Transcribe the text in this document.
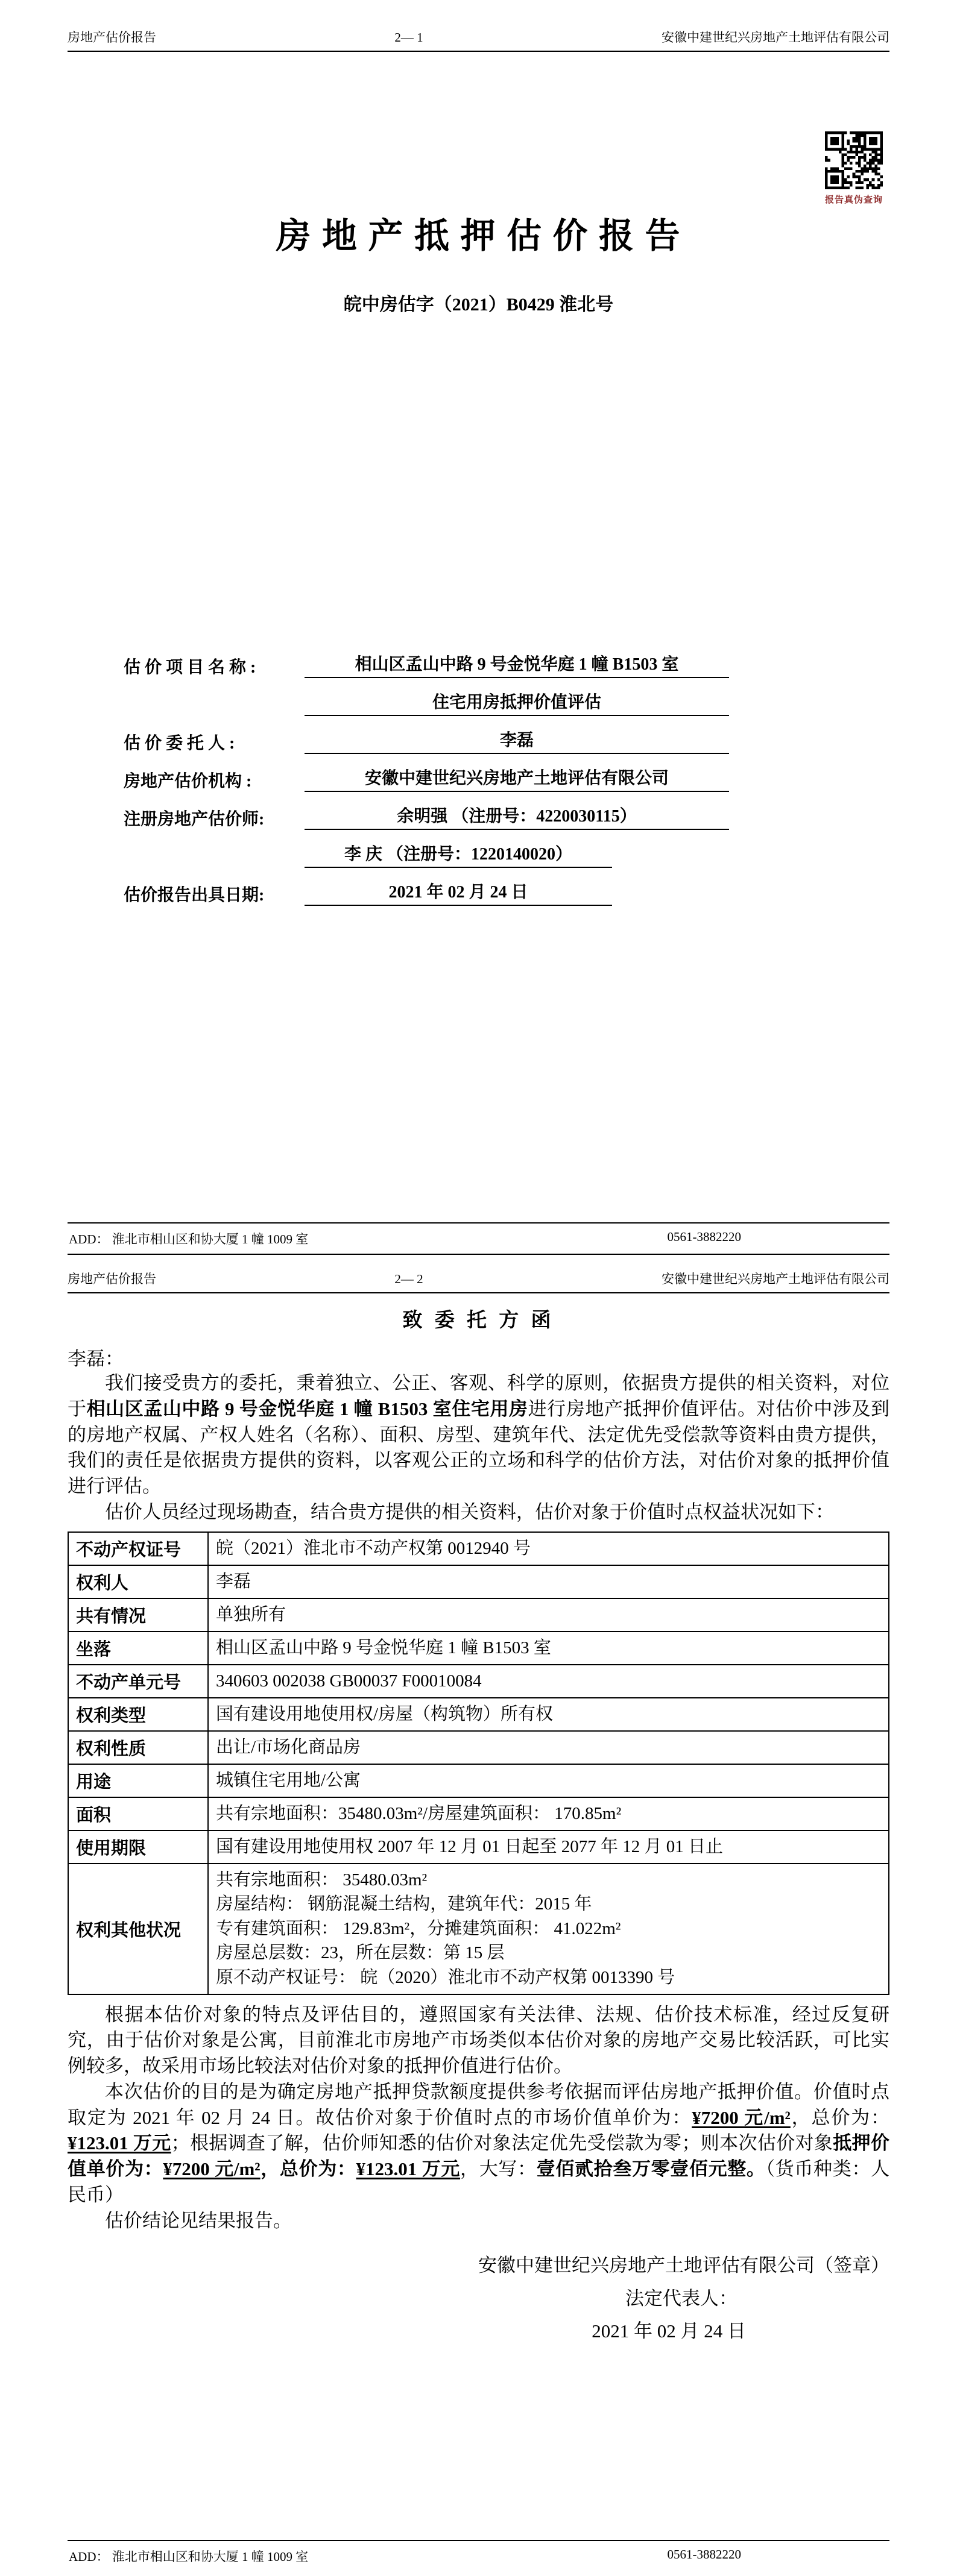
房地产估价报告	2— 1	安徽中建世纪兴房地产土地评估有限公司
报告真伪查询
房 地 产 抵 押 估 价 报 告
皖中房估字（2021）B0429 淮北号
估 价 项 目 名 称 :	相山区孟山中路 9 号金悦华庭 1 幢 B1503 室
住宅用房抵押价值评估
估 价 委 托 人 :	李磊
房地产估价机构 :	安徽中建世纪兴房地产土地评估有限公司
注册房地产估价师:	余明强 （注册号：4220030115）
李 庆 （注册号：1220140020）
估价报告出具日期:	2021 年 02 月 24 日
ADD： 淮北市相山区和协大厦 1 幢 1009 室	0561-3882220
房地产估价报告	2— 2	安徽中建世纪兴房地产土地评估有限公司
致 委 托 方 函
李磊：

我们接受贵方的委托，秉着独立、公正、客观、科学的原则，依据贵方提供的相关资料，对位于相山区孟山中路 9 号金悦华庭 1 幢 B1503 室住宅用房进行房地产抵押价值评估。对估价中涉及到的房地产权属、产权人姓名（名称）、面积、房型、建筑年代、法定优先受偿款等资料由贵方提供，我们的责任是依据贵方提供的资料，以客观公正的立场和科学的估价方法，对估价对象的抵押价值进行评估。

估价人员经过现场勘查，结合贵方提供的相关资料，估价对象于价值时点权益状况如下：

不动产权证号	皖（2021）淮北市不动产权第 0012940 号

权利人	李磊

共有情况	单独所有

坐落	相山区孟山中路 9 号金悦华庭 1 幢 B1503 室

不动产单元号	340603 002038 GB00037 F00010084

权利类型	国有建设用地使用权/房屋（构筑物）所有权

权利性质	出让/市场化商品房

用途	城镇住宅用地/公寓

面积	共有宗地面积：35480.03m²/房屋建筑面积： 170.85m²

使用期限	国有建设用地使用权 2007 年 12 月 01 日起至 2077 年 12 月 01 日止

权利其他状况	共有宗地面积： 35480.03m²
房屋结构： 钢筋混凝土结构，建筑年代：2015 年
专有建筑面积： 129.83m²，分摊建筑面积： 41.022m²
房屋总层数：23，所在层数：第 15 层
原不动产权证号： 皖（2020）淮北市不动产权第 0013390 号

根据本估价对象的特点及评估目的，遵照国家有关法律、法规、估价技术标准，经过反复研究，由于估价对象是公寓，目前淮北市房地产市场类似本估价对象的房地产交易比较活跃，可比实例较多，故采用市场比较法对估价对象的抵押价值进行估价。

本次估价的目的是为确定房地产抵押贷款额度提供参考依据而评估房地产抵押价值。价值时点取定为 2021 年 02 月 24 日。故估价对象于价值时点的市场价值单价为：¥7200 元/m²，总价为：¥123.01 万元；根据调查了解，估价师知悉的估价对象法定优先受偿款为零；则本次估价对象抵押价值单价为：¥7200 元/m²，总价为：¥123.01 万元，大写：壹佰贰拾叁万零壹佰元整。（货币种类：人民币）

估价结论见结果报告。

安徽中建世纪兴房地产土地评估有限公司（签章）
法定代表人：
2021 年 02 月 24 日
ADD： 淮北市相山区和协大厦 1 幢 1009 室	0561-3882220
